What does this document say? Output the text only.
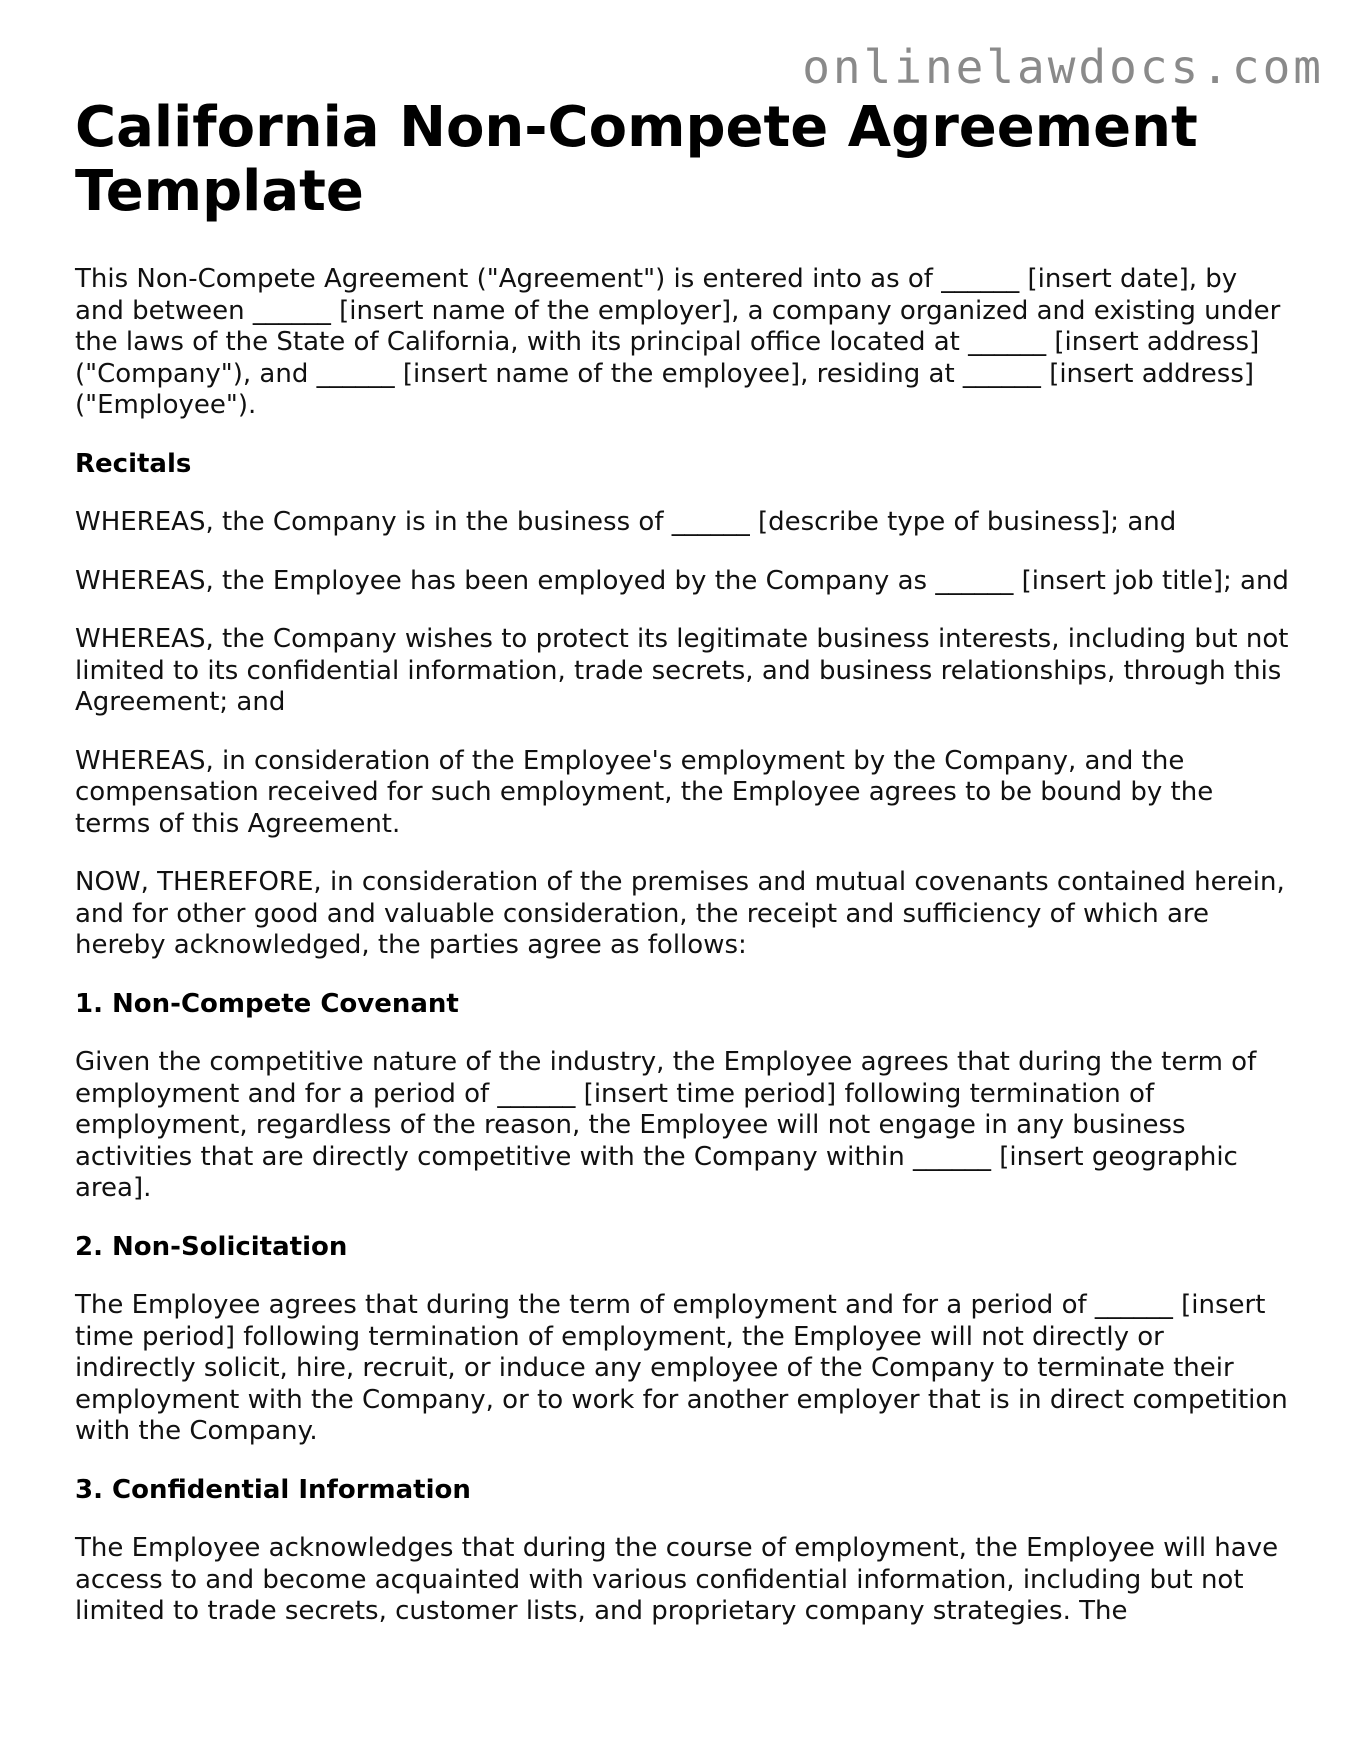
onlinelawdocs.com
California Non-Compete Agreement Template

This Non-Compete Agreement ("Agreement") is entered into as of ______ [insert date], by and between ______ [insert name of the employer], a company organized and existing under the laws of the State of California, with its principal office located at ______ [insert address] ("Company"), and ______ [insert name of the employee], residing at ______ [insert address] ("Employee").

Recitals

WHEREAS, the Company is in the business of ______ [describe type of business]; and

WHEREAS, the Employee has been employed by the Company as ______ [insert job title]; and

WHEREAS, the Company wishes to protect its legitimate business interests, including but not limited to its confidential information, trade secrets, and business relationships, through this Agreement; and

WHEREAS, in consideration of the Employee's employment by the Company, and the compensation received for such employment, the Employee agrees to be bound by the terms of this Agreement.

NOW, THEREFORE, in consideration of the premises and mutual covenants contained herein, and for other good and valuable consideration, the receipt and sufficiency of which are hereby acknowledged, the parties agree as follows:

1. Non-Compete Covenant

Given the competitive nature of the industry, the Employee agrees that during the term of employment and for a period of ______ [insert time period] following termination of employment, regardless of the reason, the Employee will not engage in any business activities that are directly competitive with the Company within ______ [insert geographic area].

2. Non-Solicitation

The Employee agrees that during the term of employment and for a period of ______ [insert time period] following termination of employment, the Employee will not directly or indirectly solicit, hire, recruit, or induce any employee of the Company to terminate their employment with the Company, or to work for another employer that is in direct competition with the Company.

3. Confidential Information

The Employee acknowledges that during the course of employment, the Employee will have access to and become acquainted with various confidential information, including but not limited to trade secrets, customer lists, and proprietary company strategies. The
